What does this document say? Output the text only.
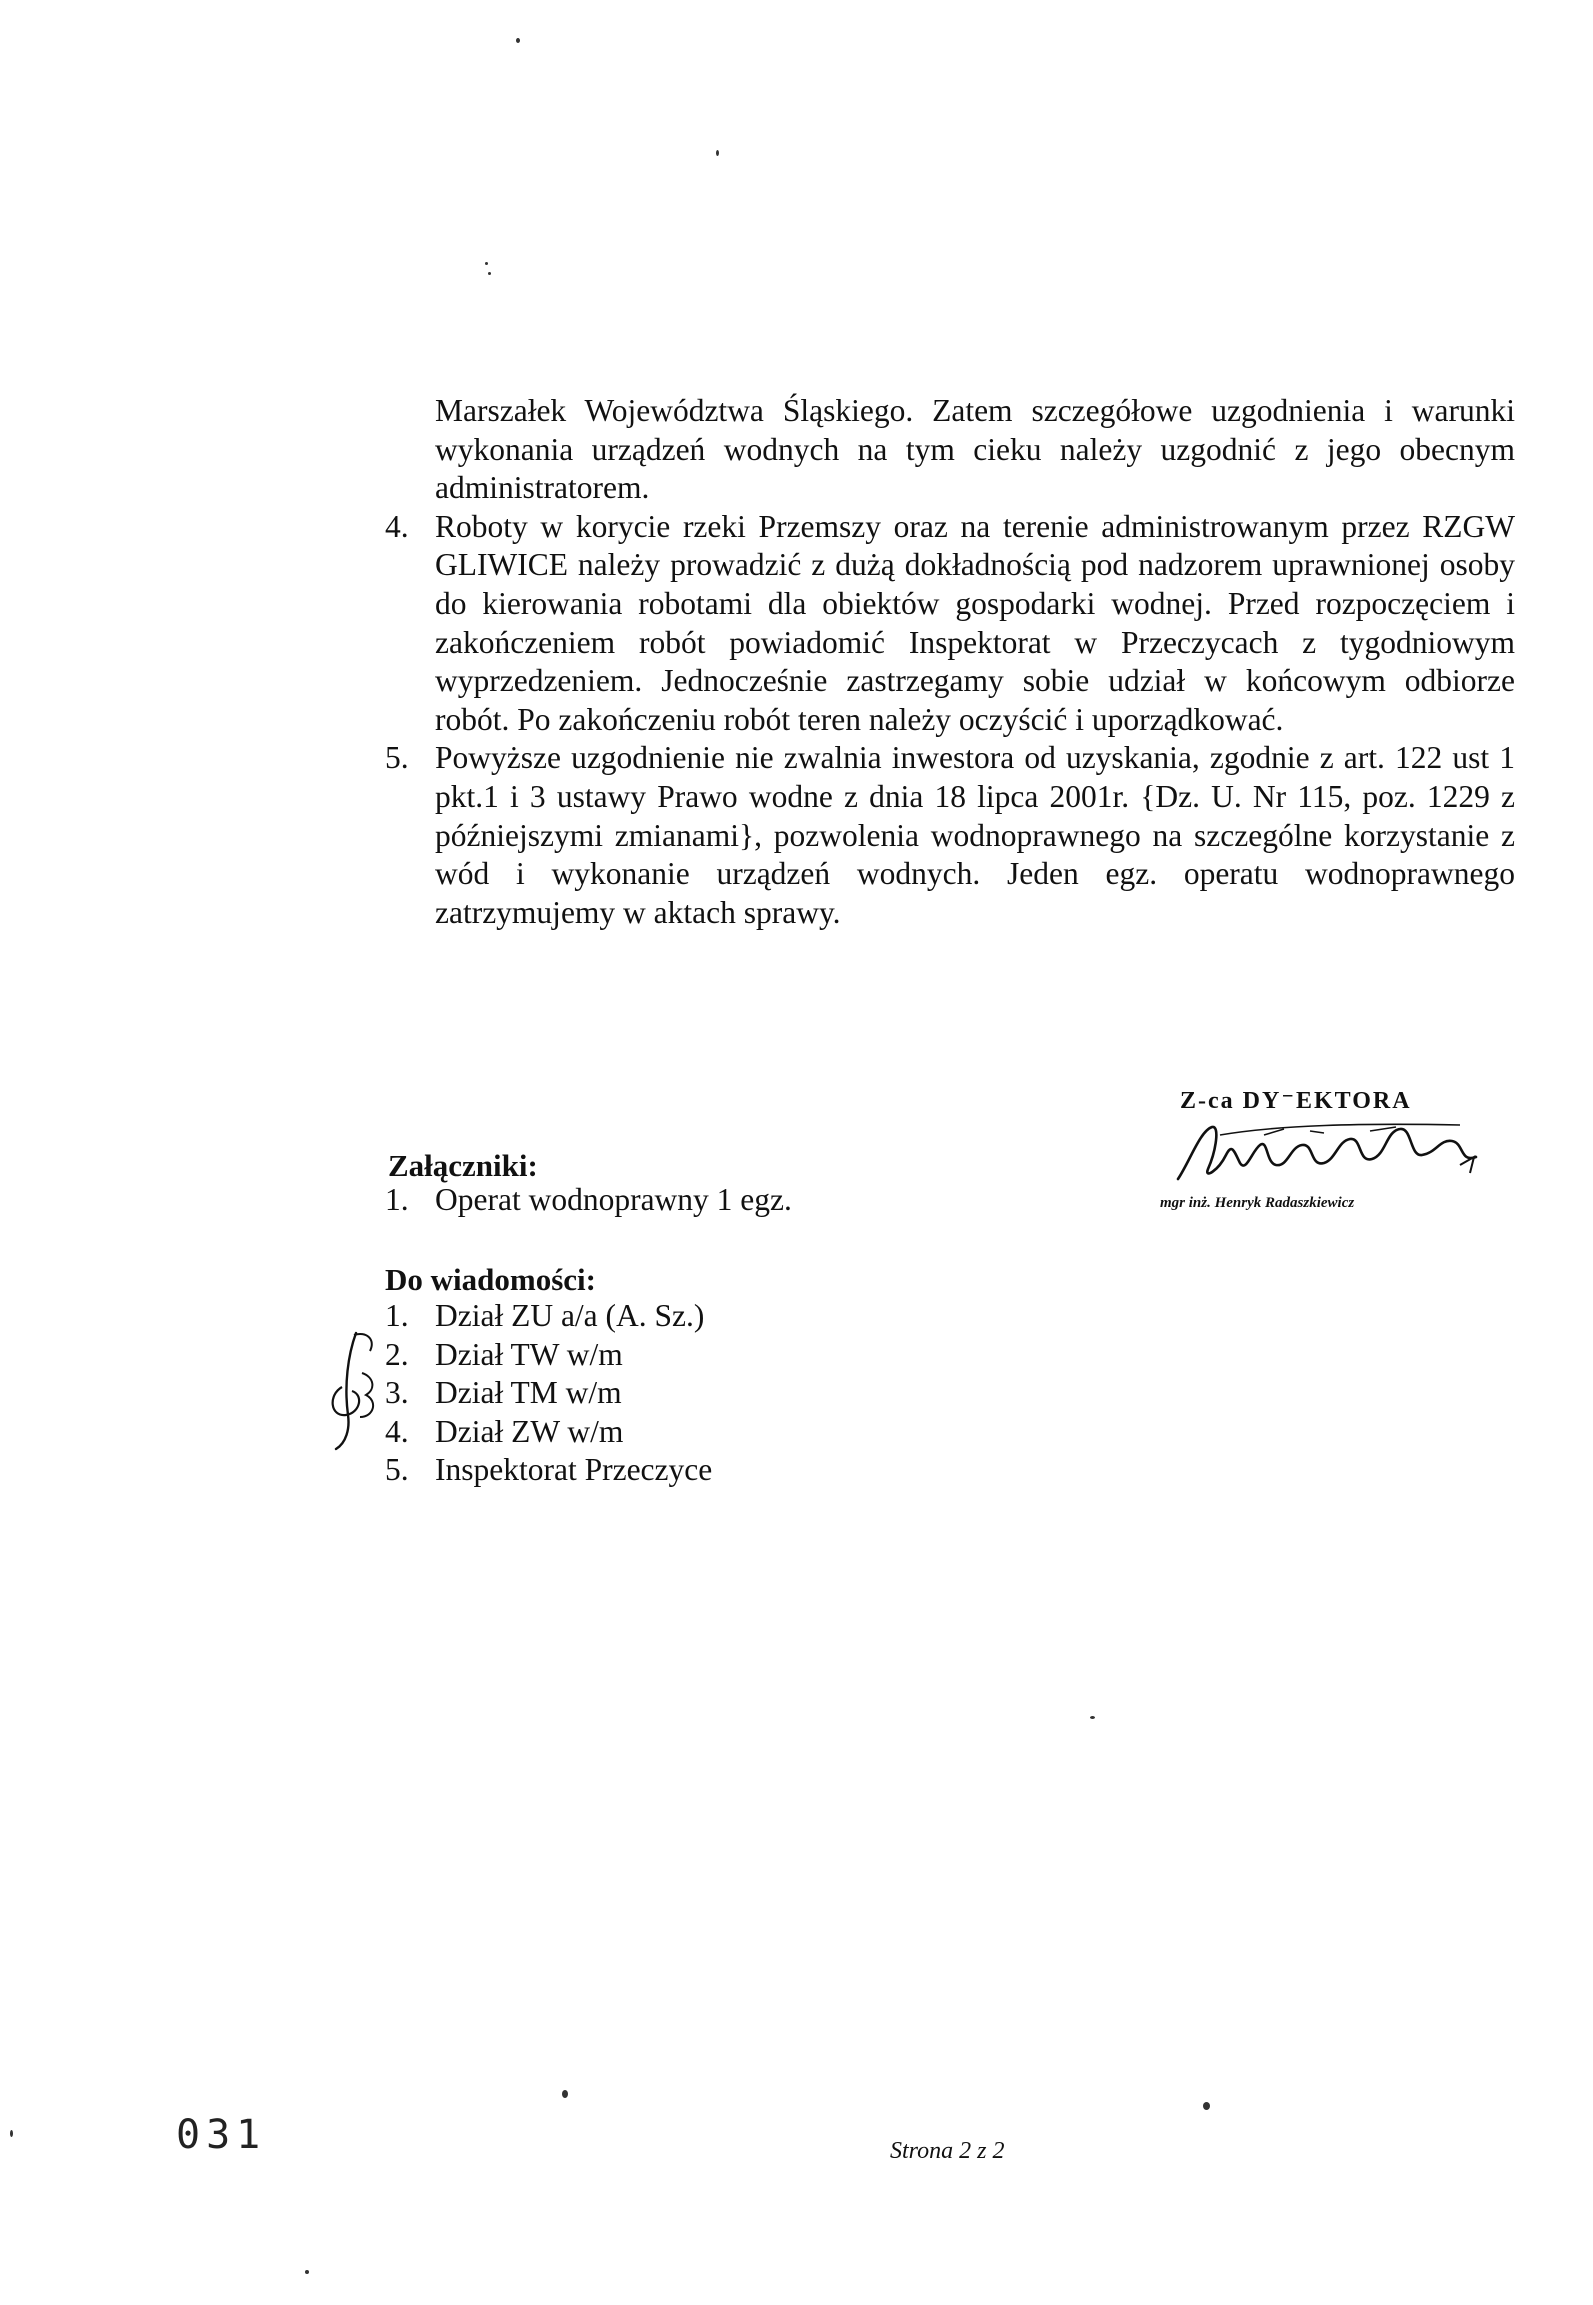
Marszałek Województwa Śląskiego. Zatem szczegółowe uzgodnienia i warunki wykonania urządzeń wodnych na tym cieku należy uzgodnić z jego obecnym administratorem.

4. Roboty w korycie rzeki Przemszy oraz na terenie administrowanym przez RZGW GLIWICE należy prowadzić z dużą dokładnością pod nadzorem uprawnionej osoby do kierowania robotami dla obiektów gospodarki wodnej. Przed rozpoczęciem i zakończeniem robót powiadomić Inspektorat w Przeczycach z tygodniowym wyprzedzeniem. Jednocześnie zastrzegamy sobie udział w końcowym odbiorze robót. Po zakończeniu robót teren należy oczyścić i uporządkować.
5. Powyższe uzgodnienie nie zwalnia inwestora od uzyskania, zgodnie z art. 122 ust 1 pkt.1 i 3 ustawy Prawo wodne z dnia 18 lipca 2001r. {Dz. U. Nr 115, poz. 1229 z późniejszymi zmianami}, pozwolenia wodnoprawnego na szczególne korzystanie z wód i wykonanie urządzeń wodnych. Jeden egz. operatu wodnoprawnego zatrzymujemy w aktach sprawy.
Z-ca DY⁻EKTORA
mgr inż. Henryk Radaszkiewicz
Załączniki:
1. Operat wodnoprawny 1 egz.
Do wiadomości:
1. Dział ZU a/a (A. Sz.)
2. Dział TW w/m
3. Dział TM w/m
4. Dział ZW w/m
5. Inspektorat Przeczyce
031	Strona 2 z 2
